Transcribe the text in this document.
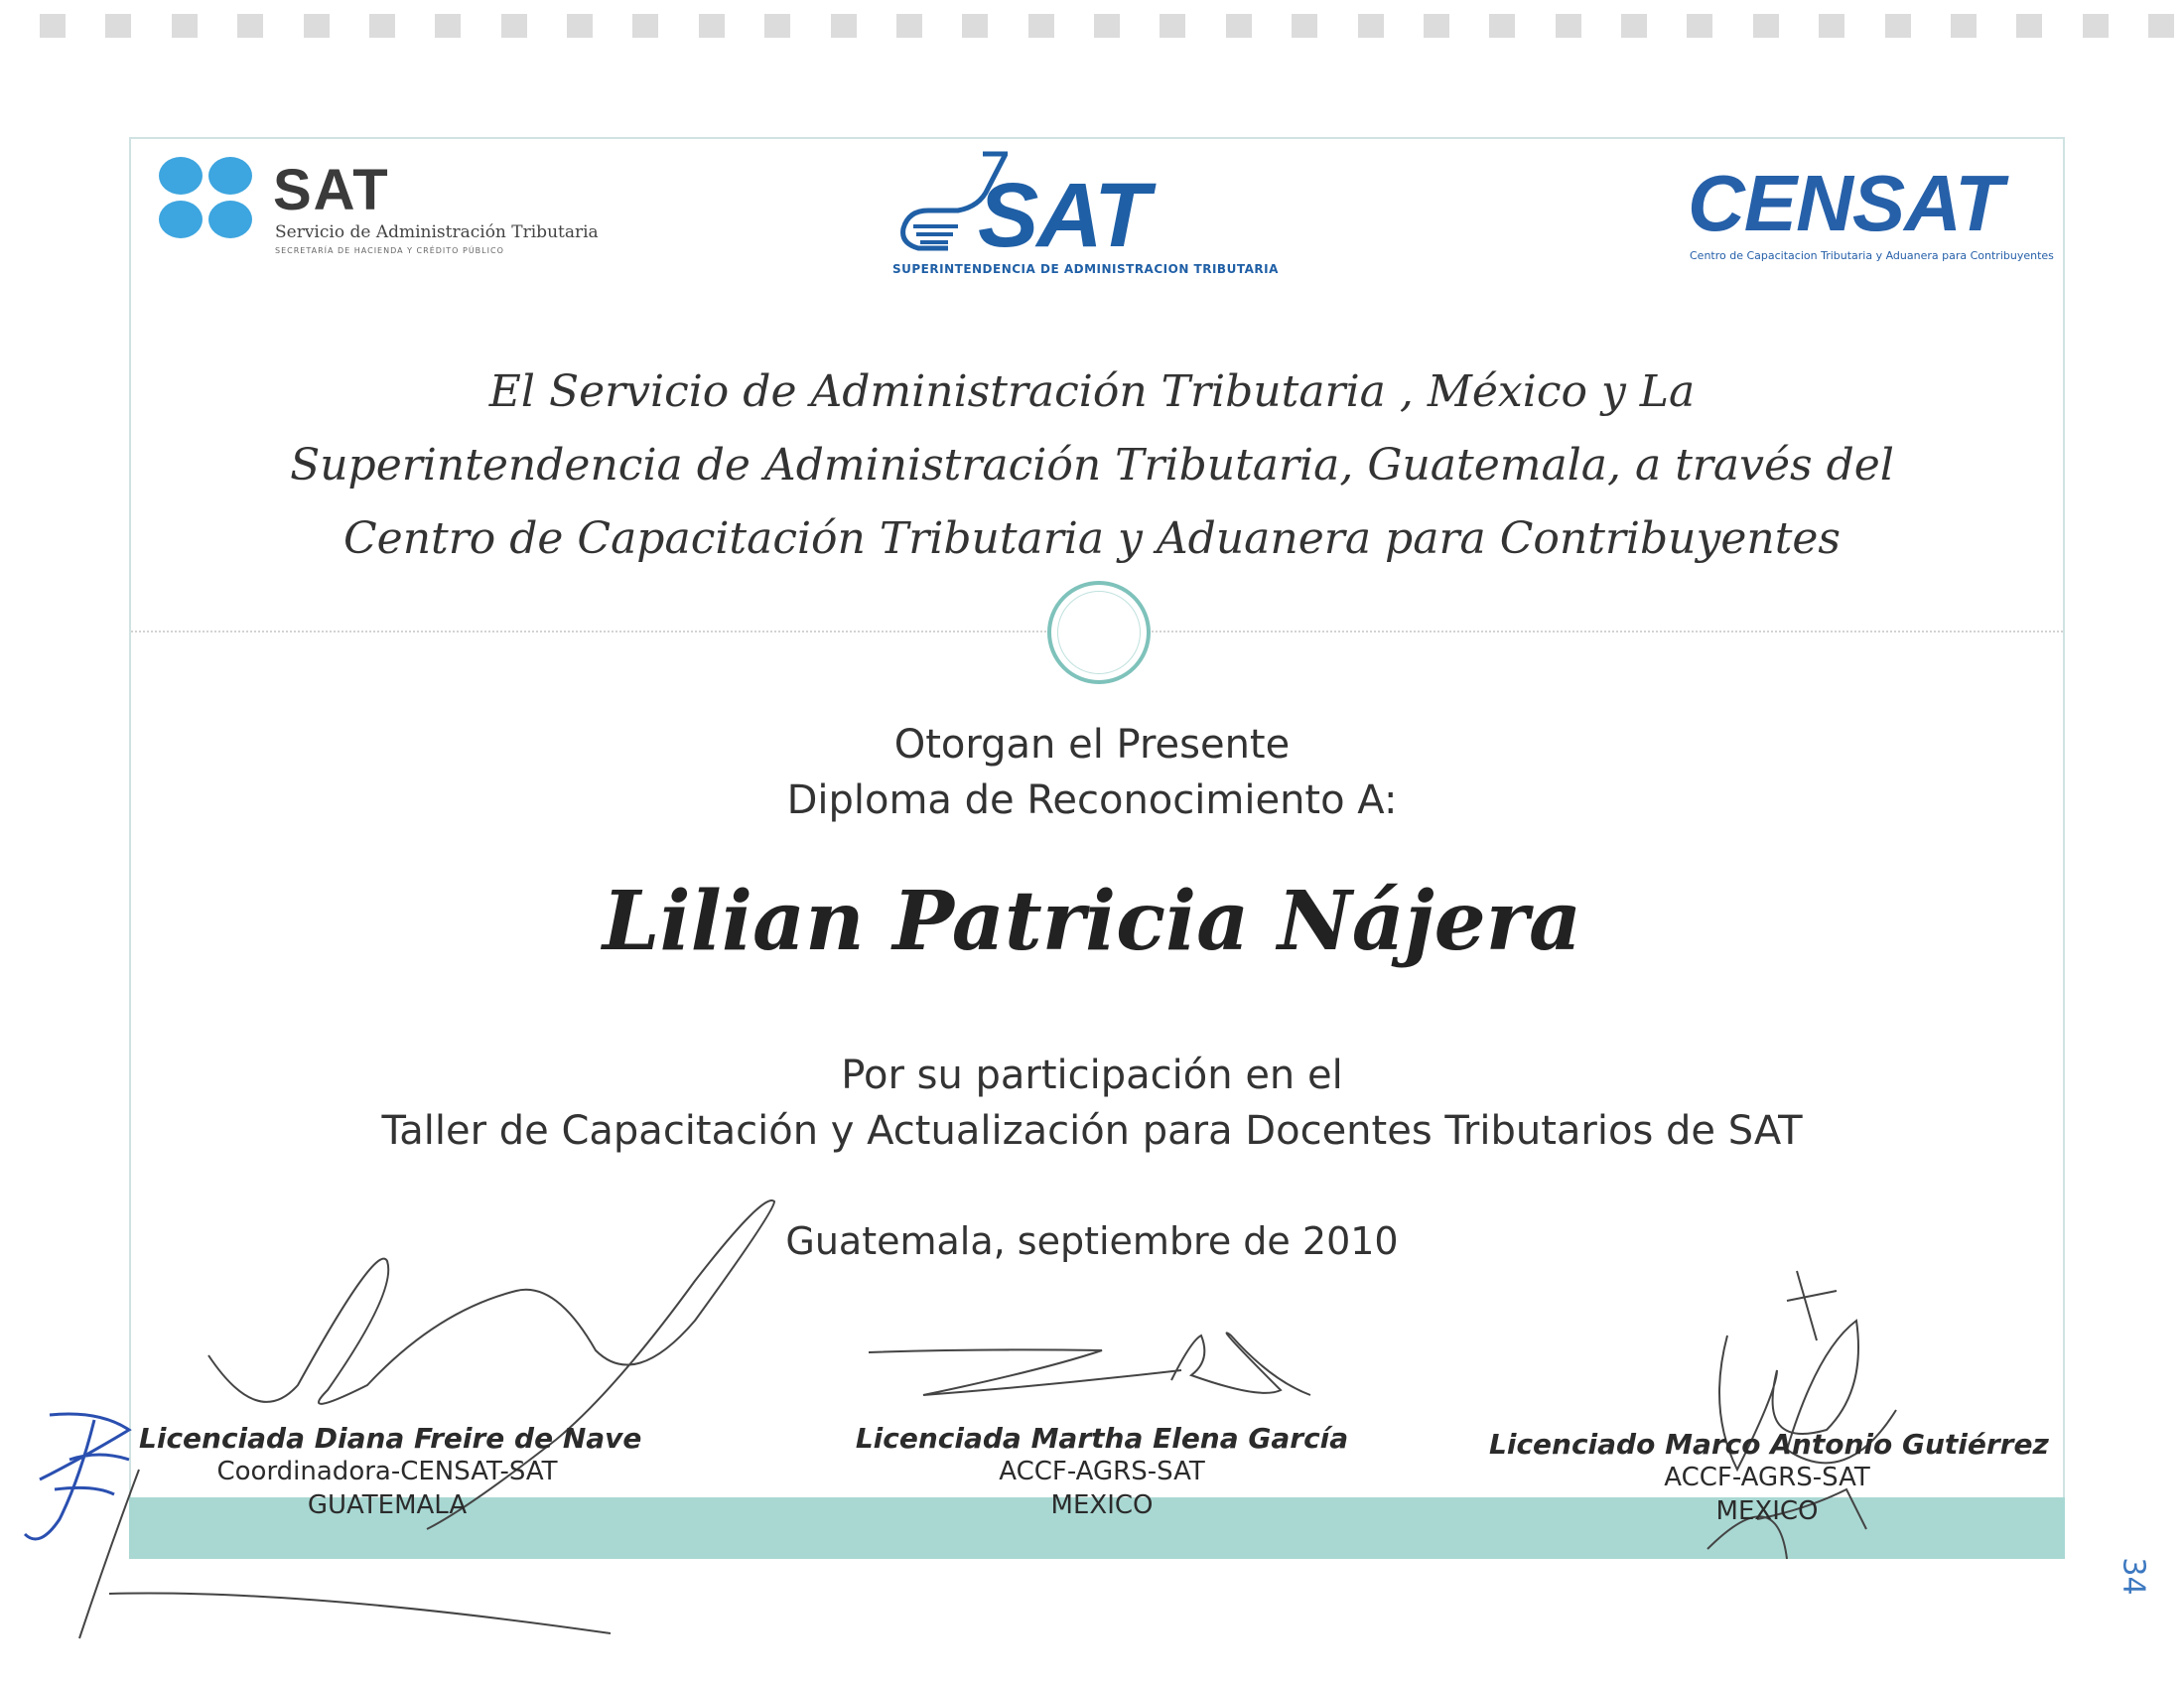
SAT
Servicio de Administración Tributaria
SECRETARÍA DE HACIENDA Y CRÉDITO PÚBLICO	SAT
SUPERINTENDENCIA DE ADMINISTRACION TRIBUTARIA
CENSAT
Centro de Capacitacion Tributaria y Aduanera para Contribuyentes
El Servicio de Administración Tributaria , México y La
Superintendencia de Administración Tributaria, Guatemala, a través del
Centro de Capacitación Tributaria y Aduanera para Contribuyentes
Otorgan el Presente
Diploma de Reconocimiento A:
Lilian Patricia Nájera
Por su participación en el
Taller de Capacitación y Actualización para Docentes Tributarios de SAT
Guatemala, septiembre de 2010
Licenciada Diana Freire de Nave
Coordinadora-CENSAT-SAT
GUATEMALA
Licenciada Martha Elena García
ACCF-AGRS-SAT
MEXICO
Licenciado Marco Antonio Gutiérrez
ACCF-AGRS-SAT
MEXICO
34
